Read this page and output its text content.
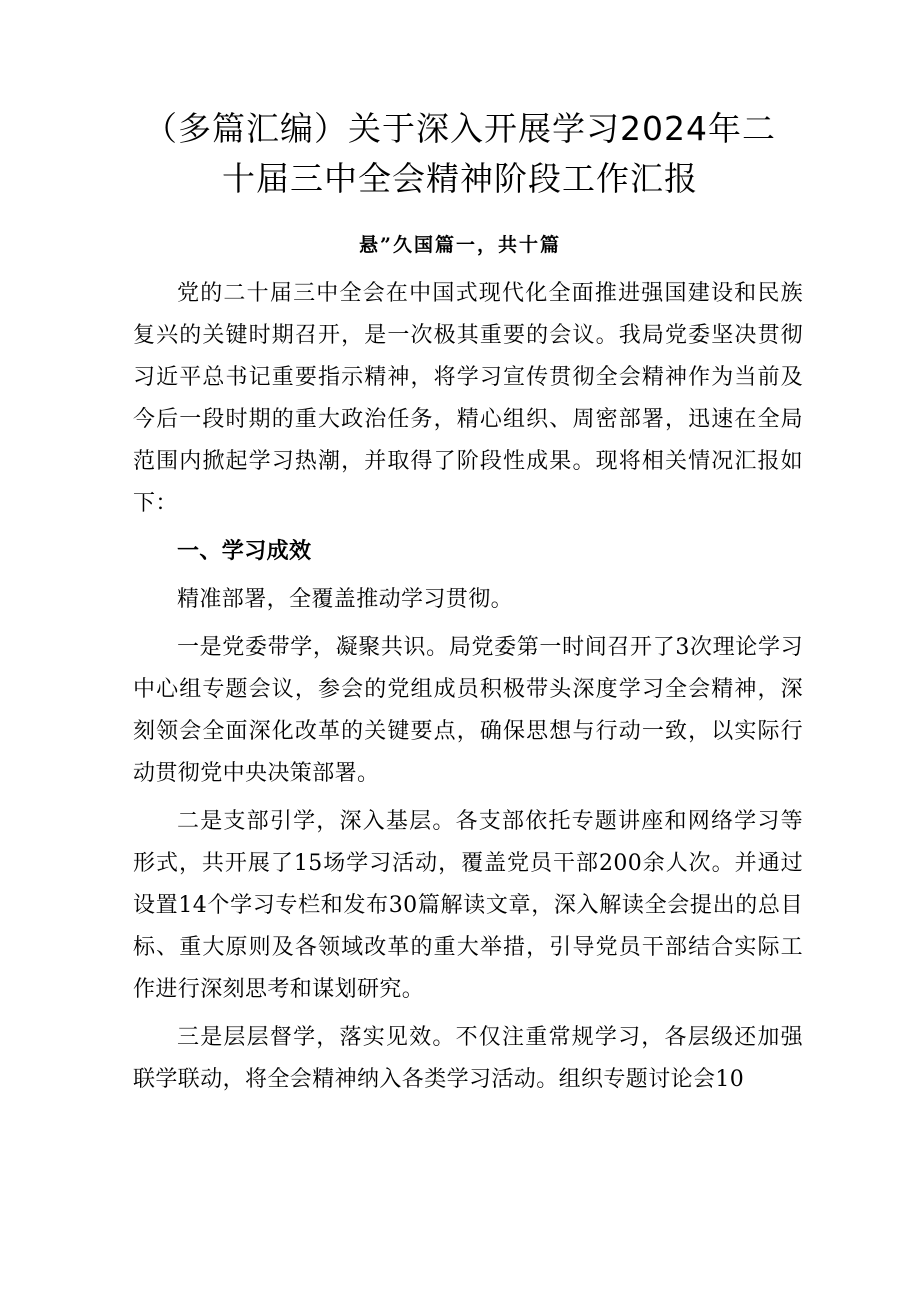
（多篇汇编）关于深入开展学习2024年二
十届三中全会精神阶段工作汇报
悬”久国篇一，共十篇

党的二十届三中全会在中国式现代化全面推进强国建设和民族复兴的关键时期召开，是一次极其重要的会议。我局党委坚决贯彻习近平总书记重要指示精神，将学习宣传贯彻全会精神作为当前及今后一段时期的重大政治任务，精心组织、周密部署，迅速在全局范围内掀起学习热潮，并取得了阶段性成果。现将相关情况汇报如下：

一、学习成效

精准部署，全覆盖推动学习贯彻。

一是党委带学，凝聚共识。局党委第一时间召开了3次理论学习中心组专题会议，参会的党组成员积极带头深度学习全会精神，深刻领会全面深化改革的关键要点，确保思想与行动一致，以实际行动贯彻党中央决策部署。

二是支部引学，深入基层。各支部依托专题讲座和网络学习等形式，共开展了15场学习活动，覆盖党员干部200余人次。并通过设置14个学习专栏和发布30篇解读文章，深入解读全会提出的总目标、重大原则及各领域改革的重大举措，引导党员干部结合实际工作进行深刻思考和谋划研究。

三是层层督学，落实见效。不仅注重常规学习，各层级还加强联学联动，将全会精神纳入各类学习活动。组织专题讨论会10
